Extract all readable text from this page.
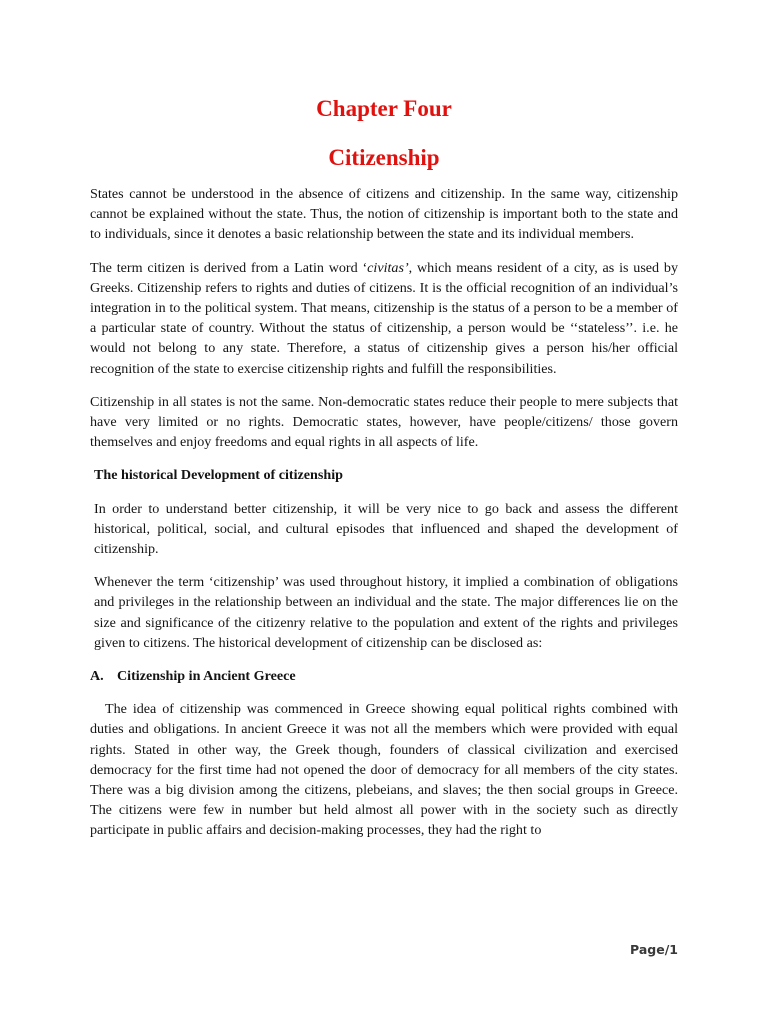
Chapter Four
Citizenship

States cannot be understood in the absence of citizens and citizenship. In the same way, citizenship cannot be explained without the state. Thus, the notion of citizenship is important both to the state and to individuals, since it denotes a basic relationship between the state and its individual members.

The term citizen is derived from a Latin word ‘civitas’, which means resident of a city, as is used by Greeks. Citizenship refers to rights and duties of citizens. It is the official recognition of an individual’s integration in to the political system. That means, citizenship is the status of a person to be a member of a particular state of country. Without the status of citizenship, a person would be ‘‘stateless’’. i.e. he would not belong to any state. Therefore, a status of citizenship gives a person his/her official recognition of the state to exercise citizenship rights and fulfill the responsibilities.

Citizenship in all states is not the same. Non-democratic states reduce their people to mere subjects that have very limited or no rights. Democratic states, however, have people/citizens/ those govern themselves and enjoy freedoms and equal rights in all aspects of life.

The historical Development of citizenship

In order to understand better citizenship, it will be very nice to go back and assess the different historical, political, social, and cultural episodes that influenced and shaped the development of citizenship.

Whenever the term ‘citizenship’ was used throughout history, it implied a combination of obligations and privileges in the relationship between an individual and the state. The major differences lie on the size and significance of the citizenry relative to the population and extent of the rights and privileges given to citizens. The historical development of citizenship can be disclosed as:

A. Citizenship in Ancient Greece

The idea of citizenship was commenced in Greece showing equal political rights combined with duties and obligations. In ancient Greece it was not all the members which were provided with equal rights. Stated in other way, the Greek though, founders of classical civilization and exercised democracy for the first time had not opened the door of democracy for all members of the city states. There was a big division among the citizens, plebeians, and slaves; the then social groups in Greece. The citizens were few in number but held almost all power with in the society such as directly participate in public affairs and decision-making processes, they had the right to

Page/1
